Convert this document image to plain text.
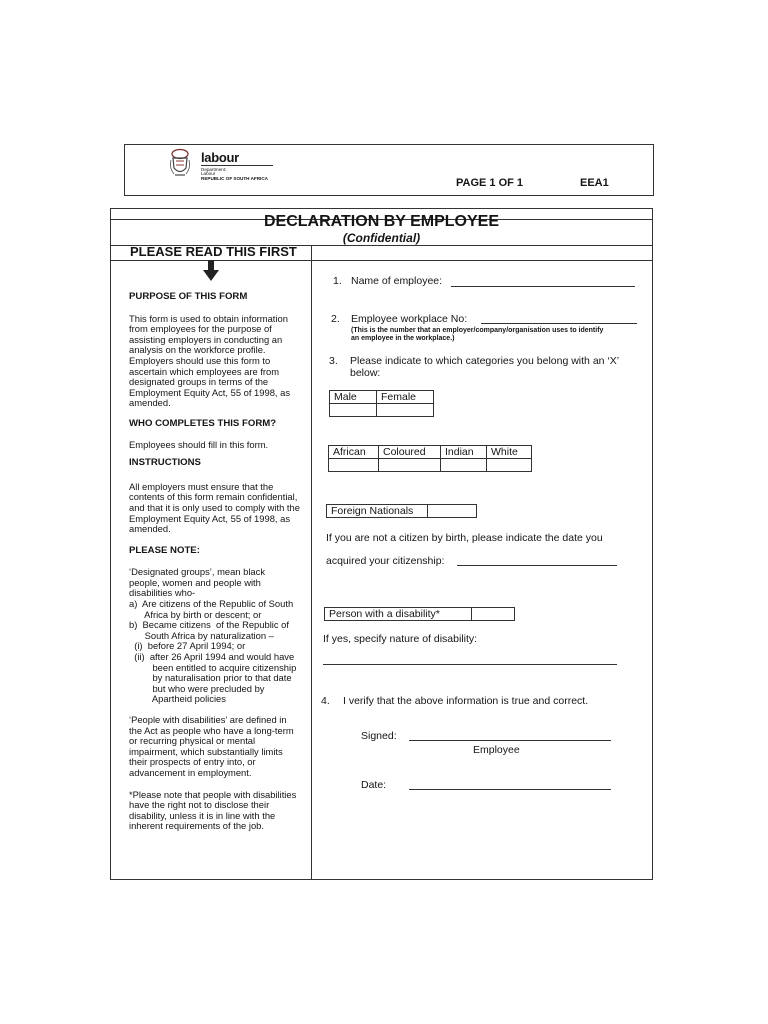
labour
Department:
Labour
REPUBLIC OF SOUTH AFRICA	PAGE 1 OF 1	EEA1
DECLARATION BY EMPLOYEE
(Confidential)
PLEASE READ THIS FIRST
PURPOSE OF THIS FORM
This form is used to obtain information
from employees for the purpose of
assisting employers in conducting an
analysis on the workforce profile.
Employers should use this form to
ascertain which employees are from
designated groups in terms of the
Employment Equity Act, 55 of 1998, as
amended.
WHO COMPLETES THIS FORM?
Employees should fill in this form.
INSTRUCTIONS
All employers must ensure that the
contents of this form remain confidential,
and that it is only used to comply with the
Employment Equity Act, 55 of 1998, as
amended.
PLEASE NOTE:
‘Designated groups’, mean black
people, women and people with
disabilities who-
a)  Are citizens of the Republic of South
Africa by birth or descent; or
b)  Became citizens  of the Republic of
South Africa by naturalization –
(i)  before 27 April 1994; or
(ii)  after 26 April 1994 and would have
been entitled to acquire citizenship
by naturalisation prior to that date
but who were precluded by
Apartheid policies
‘People with disabilities’ are defined in
the Act as people who have a long-term
or recurring physical or mental
impairment, which substantially limits
their prospects of entry into, or
advancement in employment.
*Please note that people with disabilities
have the right not to disclose their
disability, unless it is in line with the
inherent requirements of the job.
1. Name of employee:
2. Employee workplace No:
(This is the number that an employer/company/organisation uses to identify
an employee in the workplace.)
3. Please indicate to which categories you belong with an ‘X’
below:
Male	Female

African	Coloured	Indian	White

Foreign Nationals	
If you are not a citizen by birth, please indicate the date you
acquired your citizenship:
Person with a disability*	
If yes, specify nature of disability:
4. I verify that the above information is true and correct.
Signed:
Employee
Date:
